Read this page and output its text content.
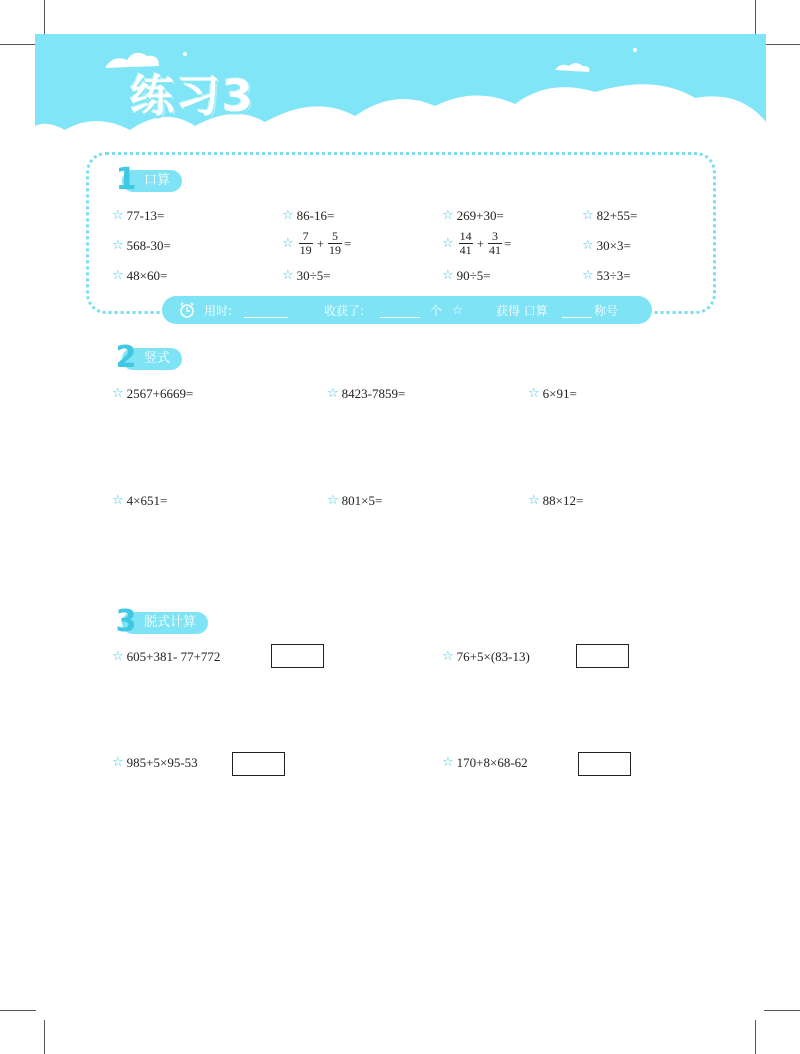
练习3
口算
1
☆ 77-13=	☆ 86-16=	☆ 269+30=	☆ 82+55=
☆ 568-30=	☆ $\frac{7}{19} + \frac{5}{19}$ =	☆ $\frac{14}{41} + \frac{3}{41}$ =	☆ 30×3=
☆ 48×60=	☆ 30÷5=	☆ 90÷5=	☆ 53÷3=
用时:	收获了:	个 ☆	获得 口算	称号
竖式
2
☆ 2567+6669=	☆ 8423-7859=	☆ 6×91=
☆ 4×651=	☆ 801×5=	☆ 88×12=
脱式计算
3
☆ 605+381- 77+772	☆ 76+5×(83-13)
☆ 985+5×95-53	☆ 170+8×68-62
